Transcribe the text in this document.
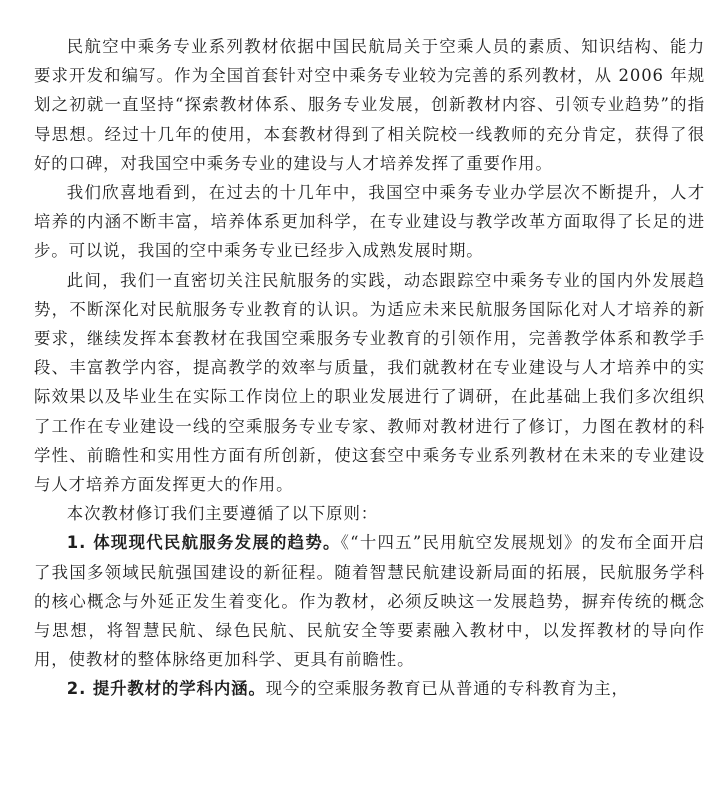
民航空中乘务专业系列教材依据中国民航局关于空乘人员的素质、知识结构、能力要求开发和编写。作为全国首套针对空中乘务专业较为完善的系列教材，从 2006 年规划之初就一直坚持“探索教材体系、服务专业发展，创新教材内容、引领专业趋势”的指导思想。经过十几年的使用，本套教材得到了相关院校一线教师的充分肯定，获得了很好的口碑，对我国空中乘务专业的建设与人才培养发挥了重要作用。

我们欣喜地看到，在过去的十几年中，我国空中乘务专业办学层次不断提升，人才培养的内涵不断丰富，培养体系更加科学，在专业建设与教学改革方面取得了长足的进步。可以说，我国的空中乘务专业已经步入成熟发展时期。

此间，我们一直密切关注民航服务的实践，动态跟踪空中乘务专业的国内外发展趋势，不断深化对民航服务专业教育的认识。为适应未来民航服务国际化对人才培养的新要求，继续发挥本套教材在我国空乘服务专业教育的引领作用，完善教学体系和教学手段、丰富教学内容，提高教学的效率与质量，我们就教材在专业建设与人才培养中的实际效果以及毕业生在实际工作岗位上的职业发展进行了调研，在此基础上我们多次组织了工作在专业建设一线的空乘服务专业专家、教师对教材进行了修订，力图在教材的科学性、前瞻性和实用性方面有所创新，使这套空中乘务专业系列教材在未来的专业建设与人才培养方面发挥更大的作用。

本次教材修订我们主要遵循了以下原则：

1. 体现现代民航服务发展的趋势。《“十四五”民用航空发展规划》的发布全面开启了我国多领域民航强国建设的新征程。随着智慧民航建设新局面的拓展，民航服务学科的核心概念与外延正发生着变化。作为教材，必须反映这一发展趋势，摒弃传统的概念与思想，将智慧民航、绿色民航、民航安全等要素融入教材中，以发挥教材的导向作用，使教材的整体脉络更加科学、更具有前瞻性。

2. 提升教材的学科内涵。现今的空乘服务教育已从普通的专科教育为主，
